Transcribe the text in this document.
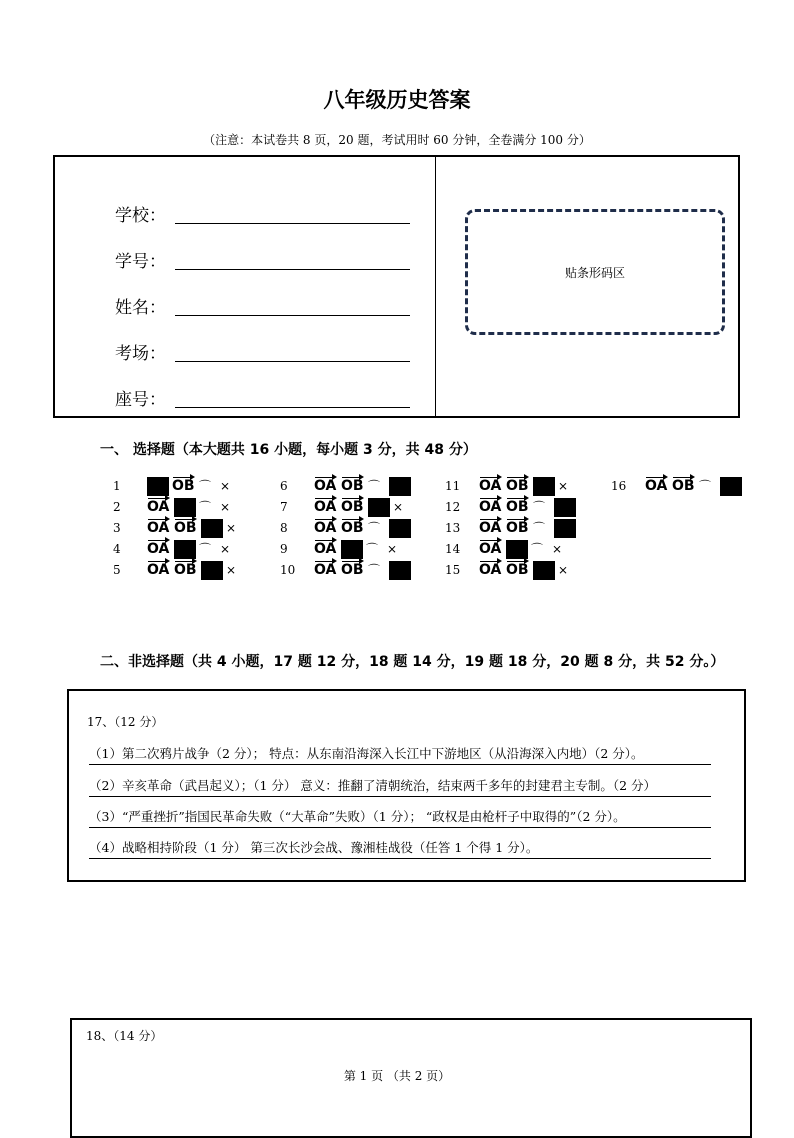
八年级历史答案
（注意：本试卷共 8 页，20 题，考试用时 60 分钟，全卷满分 100 分）
学校：
学号：
姓名：
考场：
座号：
贴条形码区
一、 选择题（本大题共 16 小题，每小题 3 分，共 48 分）
1	OB ⌒ ⨯
2	OA ⌒ ⨯
3	OA OB ⨯
4	OA ⌒ ⨯
5	OA OB ⨯
6	OA OB ⌒
7	OA OB ⨯
8	OA OB ⌒
9	OA ⌒ ⨯
10	OA OB ⌒
11	OA OB ⨯
12	OA OB ⌒
13	OA OB ⌒
14	OA ⌒ ⨯
15	OA OB ⨯
16	OA OB ⌒
二、非选择题（共 4 小题，17 题 12 分，18 题 14 分，19 题 18 分，20 题 8 分，共 52 分。）
17、（12 分）
（1）第二次鸦片战争（2 分）； 特点：从东南沿海深入长江中下游地区（从沿海深入内地）（2 分）。
（2）辛亥革命（武昌起义）；（1 分） 意义：推翻了清朝统治，结束两千多年的封建君主专制。（2 分）
（3）“严重挫折”指国民革命失败（“大革命”失败）（1 分）； “政权是由枪杆子中取得的”（2 分）。
（4）战略相持阶段（1 分） 第三次长沙会战、豫湘桂战役（任答 1 个得 1 分）。
18、（14 分）
第 1 页 （共 2 页）
